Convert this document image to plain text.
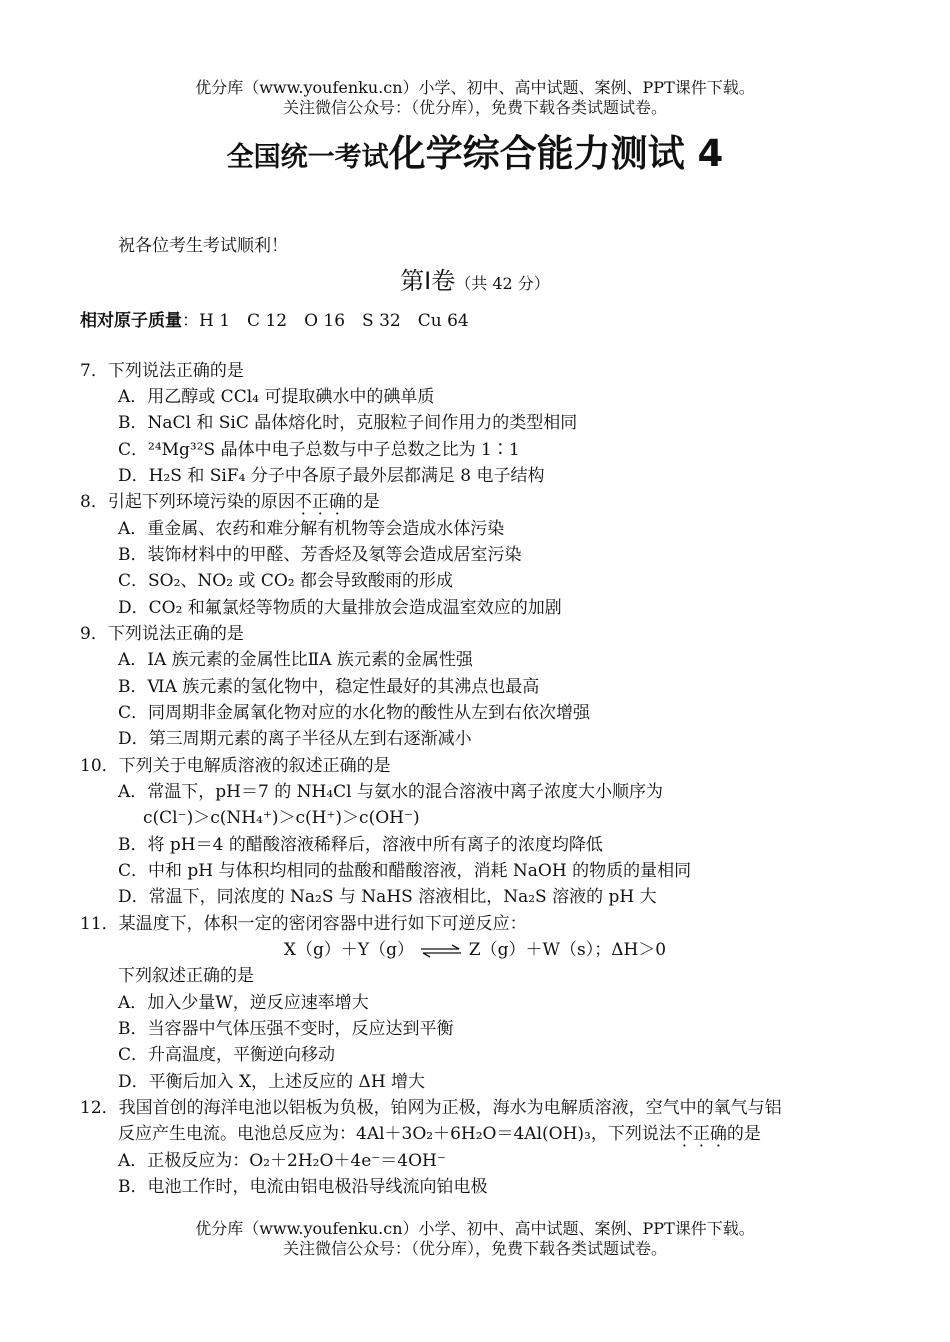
优分库（www.youfenku.cn）小学、初中、高中试题、案例、PPT课件下载。
关注微信公众号：（优分库），免费下载各类试题试卷。
全国统一考试化学综合能力测试 4
祝各位考生考试顺利！
第Ⅰ卷（共 42 分）
相对原子质量：H 1　C 12　O 16　S 32　Cu 64
7．下列说法正确的是
A．用乙醇或 CCl₄ 可提取碘水中的碘单质
B．NaCl 和 SiC 晶体熔化时，克服粒子间作用力的类型相同
C．²⁴Mg³²S 晶体中电子总数与中子总数之比为 1∶1
D．H₂S 和 SiF₄ 分子中各原子最外层都满足 8 电子结构
8．引起下列环境污染的原因不正确的是
A．重金属、农药和难分解有机物等会造成水体污染
B．装饰材料中的甲醛、芳香烃及氡等会造成居室污染
C．SO₂、NO₂ 或 CO₂ 都会导致酸雨的形成
D．CO₂ 和氟氯烃等物质的大量排放会造成温室效应的加剧
9．下列说法正确的是
A．ⅠA 族元素的金属性比ⅡA 族元素的金属性强
B．ⅥA 族元素的氢化物中，稳定性最好的其沸点也最高
C．同周期非金属氧化物对应的水化物的酸性从左到右依次增强
D．第三周期元素的离子半径从左到右逐渐减小
10．下列关于电解质溶液的叙述正确的是
A．常温下，pH＝7 的 NH₄Cl 与氨水的混合溶液中离子浓度大小顺序为
c(Cl⁻)＞c(NH₄⁺)＞c(H⁺)＞c(OH⁻)
B．将 pH＝4 的醋酸溶液稀释后，溶液中所有离子的浓度均降低
C．中和 pH 与体积均相同的盐酸和醋酸溶液，消耗 NaOH 的物质的量相同
D．常温下，同浓度的 Na₂S 与 NaHS 溶液相比，Na₂S 溶液的 pH 大
11．某温度下，体积一定的密闭容器中进行如下可逆反应：
X（g）＋Y（g） ⇌ Z（g）＋W（s）；ΔH＞0
下列叙述正确的是
A．加入少量W，逆反应速率增大
B．当容器中气体压强不变时，反应达到平衡
C．升高温度，平衡逆向移动
D．平衡后加入 X，上述反应的 ΔH 增大
12．我国首创的海洋电池以铝板为负极，铂网为正极，海水为电解质溶液，空气中的氧气与铝
反应产生电流。电池总反应为：4Al＋3O₂＋6H₂O＝4Al(OH)₃，下列说法不正确的是
A．正极反应为：O₂＋2H₂O＋4e⁻＝4OH⁻
B．电池工作时，电流由铝电极沿导线流向铂电极
优分库（www.youfenku.cn）小学、初中、高中试题、案例、PPT课件下载。
关注微信公众号：（优分库），免费下载各类试题试卷。
